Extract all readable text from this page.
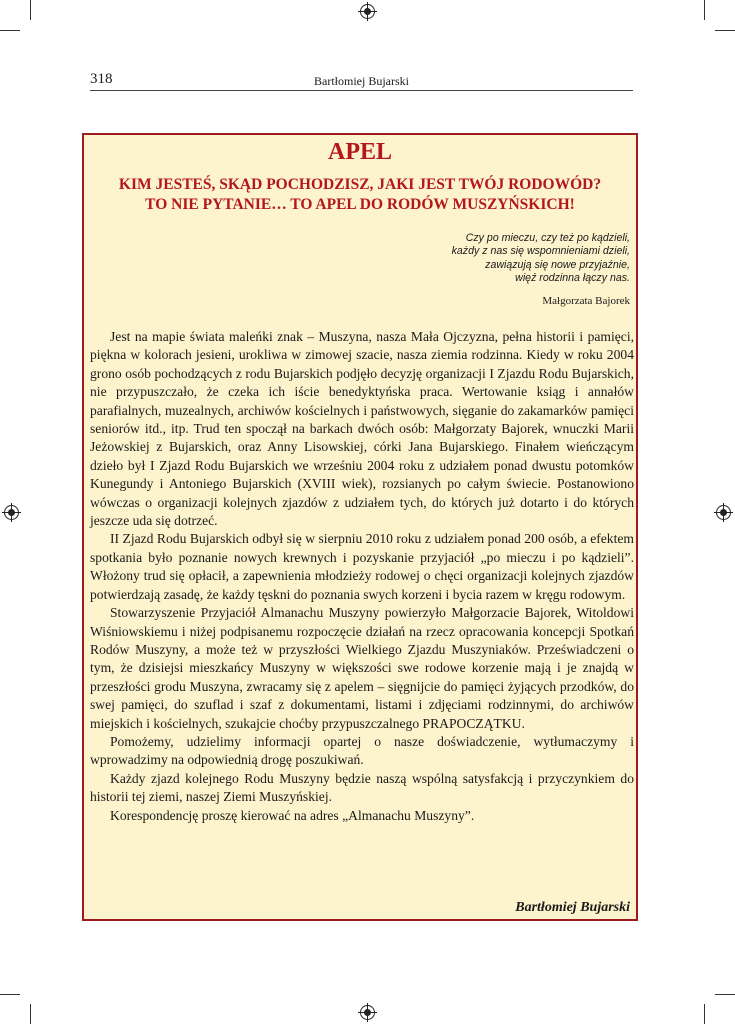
318	Bartłomiej Bujarski
APEL
KIM JESTEŚ, SKĄD POCHODZISZ, JAKI JEST TWÓJ RODOWÓD?
TO NIE PYTANIE… TO APEL DO RODÓW MUSZYŃSKICH!
Czy po mieczu, czy też po kądzieli,
każdy z nas się wspomnieniami dzieli,
zawiązują się nowe przyjaźnie,
więź rodzinna łączy nas.
Małgorzata Bajorek

Jest na mapie świata maleńki znak – Muszyna, nasza Mała Ojczyzna, pełna historii i pamięci, piękna w kolorach jesieni, urokliwa w zimowej szacie, nasza ziemia rodzinna. Kiedy w roku 2004 grono osób pochodzących z rodu Bujarskich podjęło decyzję organizacji I Zjazdu Rodu Bujarskich, nie przypuszczało, że czeka ich iście benedyktyńska praca. Wertowanie ksiąg i annałów parafialnych, muzealnych, archiwów kościelnych i państwowych, sięganie do zakamarków pamięci seniorów itd., itp. Trud ten spoczął na barkach dwóch osób: Małgorzaty Bajorek, wnuczki Marii Jeżowskiej z Bujarskich, oraz Anny Lisowskiej, córki Jana Bujarskiego. Finałem wieńczącym dzieło był I Zjazd Rodu Bujarskich we wrześniu 2004 roku z udziałem ponad dwustu potomków Kunegundy i Antoniego Bujarskich (XVIII wiek), rozsianych po całym świecie. Postanowiono wówczas o organizacji kolejnych zjazdów z udziałem tych, do których już dotarto i do których jeszcze uda się dotrzeć.

II Zjazd Rodu Bujarskich odbył się w sierpniu 2010 roku z udziałem ponad 200 osób, a efektem spotkania było poznanie nowych krewnych i pozyskanie przyjaciół „po mieczu i po kądzieli”. Włożony trud się opłacił, a zapewnienia młodzieży rodowej o chęci organizacji kolejnych zjazdów potwierdzają zasadę, że każdy tęskni do poznania swych korzeni i bycia razem w kręgu rodowym.

Stowarzyszenie Przyjaciół Almanachu Muszyny powierzyło Małgorzacie Bajorek, Witoldowi Wiśniowskiemu i niżej podpisanemu rozpoczęcie działań na rzecz opracowania koncepcji Spotkań Rodów Muszyny, a może też w przyszłości Wielkiego Zjazdu Muszyniaków. Przeświadczeni o tym, że dzisiejsi mieszkańcy Muszyny w większości swe rodowe korzenie mają i je znajdą w przeszłości grodu Muszyna, zwracamy się z apelem – sięgnijcie do pamięci żyjących przodków, do swej pamięci, do szuflad i szaf z dokumentami, listami i zdjęciami rodzinnymi, do archiwów miejskich i kościelnych, szukajcie choćby przypuszczalnego PRAPOCZĄTKU.

Pomożemy, udzielimy informacji opartej o nasze doświadczenie, wytłumaczymy i wprowadzimy na odpowiednią drogę poszukiwań.

Każdy zjazd kolejnego Rodu Muszyny będzie naszą wspólną satysfakcją i przyczynkiem do historii tej ziemi, naszej Ziemi Muszyńskiej.

Korespondencję proszę kierować na adres „Almanachu Muszyny”.

Bartłomiej Bujarski
